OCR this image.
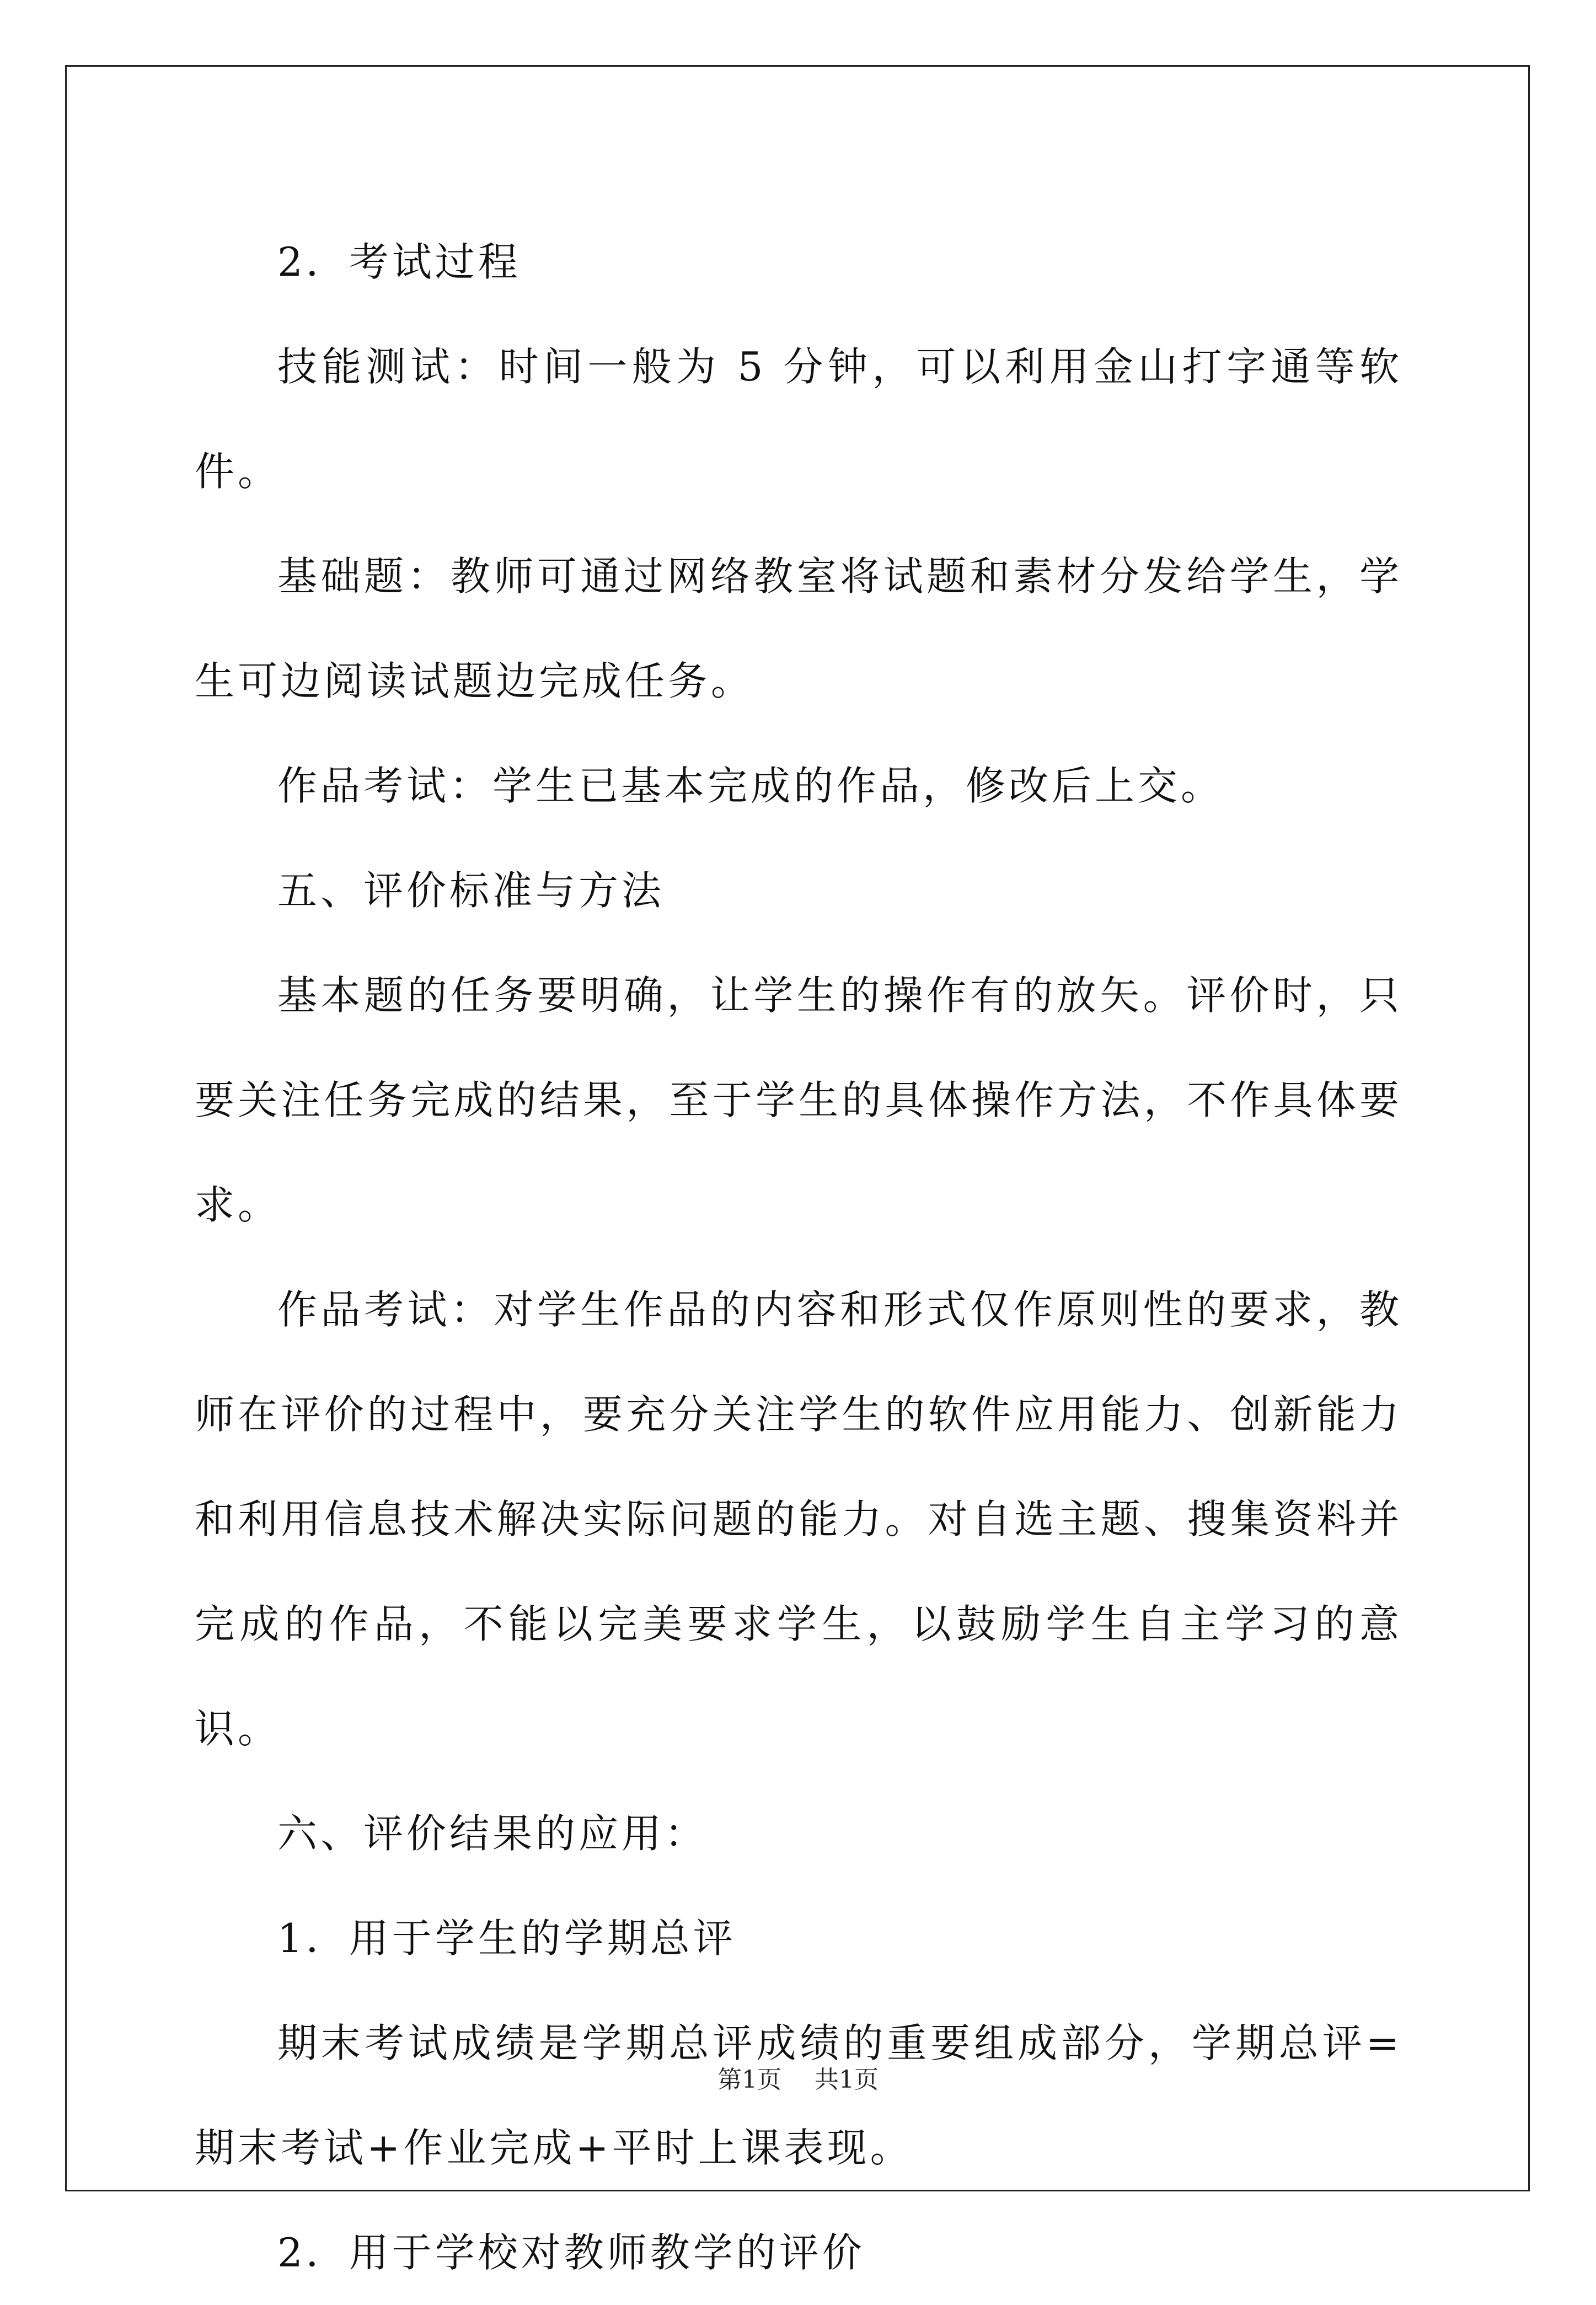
2．考试过程

技能测试：时间一般为 5 分钟，可以利用金山打字通等软件。

基础题：教师可通过网络教室将试题和素材分发给学生，学生可边阅读试题边完成任务。

作品考试：学生已基本完成的作品，修改后上交。

五、评价标准与方法

基本题的任务要明确，让学生的操作有的放矢。评价时，只要关注任务完成的结果，至于学生的具体操作方法，不作具体要求。

作品考试：对学生作品的内容和形式仅作原则性的要求，教师在评价的过程中，要充分关注学生的软件应用能力、创新能力和利用信息技术解决实际问题的能力。对自选主题、搜集资料并完成的作品，不能以完美要求学生，以鼓励学生自主学习的意识。

六、评价结果的应用：

1．用于学生的学期总评

期末考试成绩是学期总评成绩的重要组成部分，学期总评=期末考试+作业完成+平时上课表现。

2．用于学校对教师教学的评价

第1页 共1页
